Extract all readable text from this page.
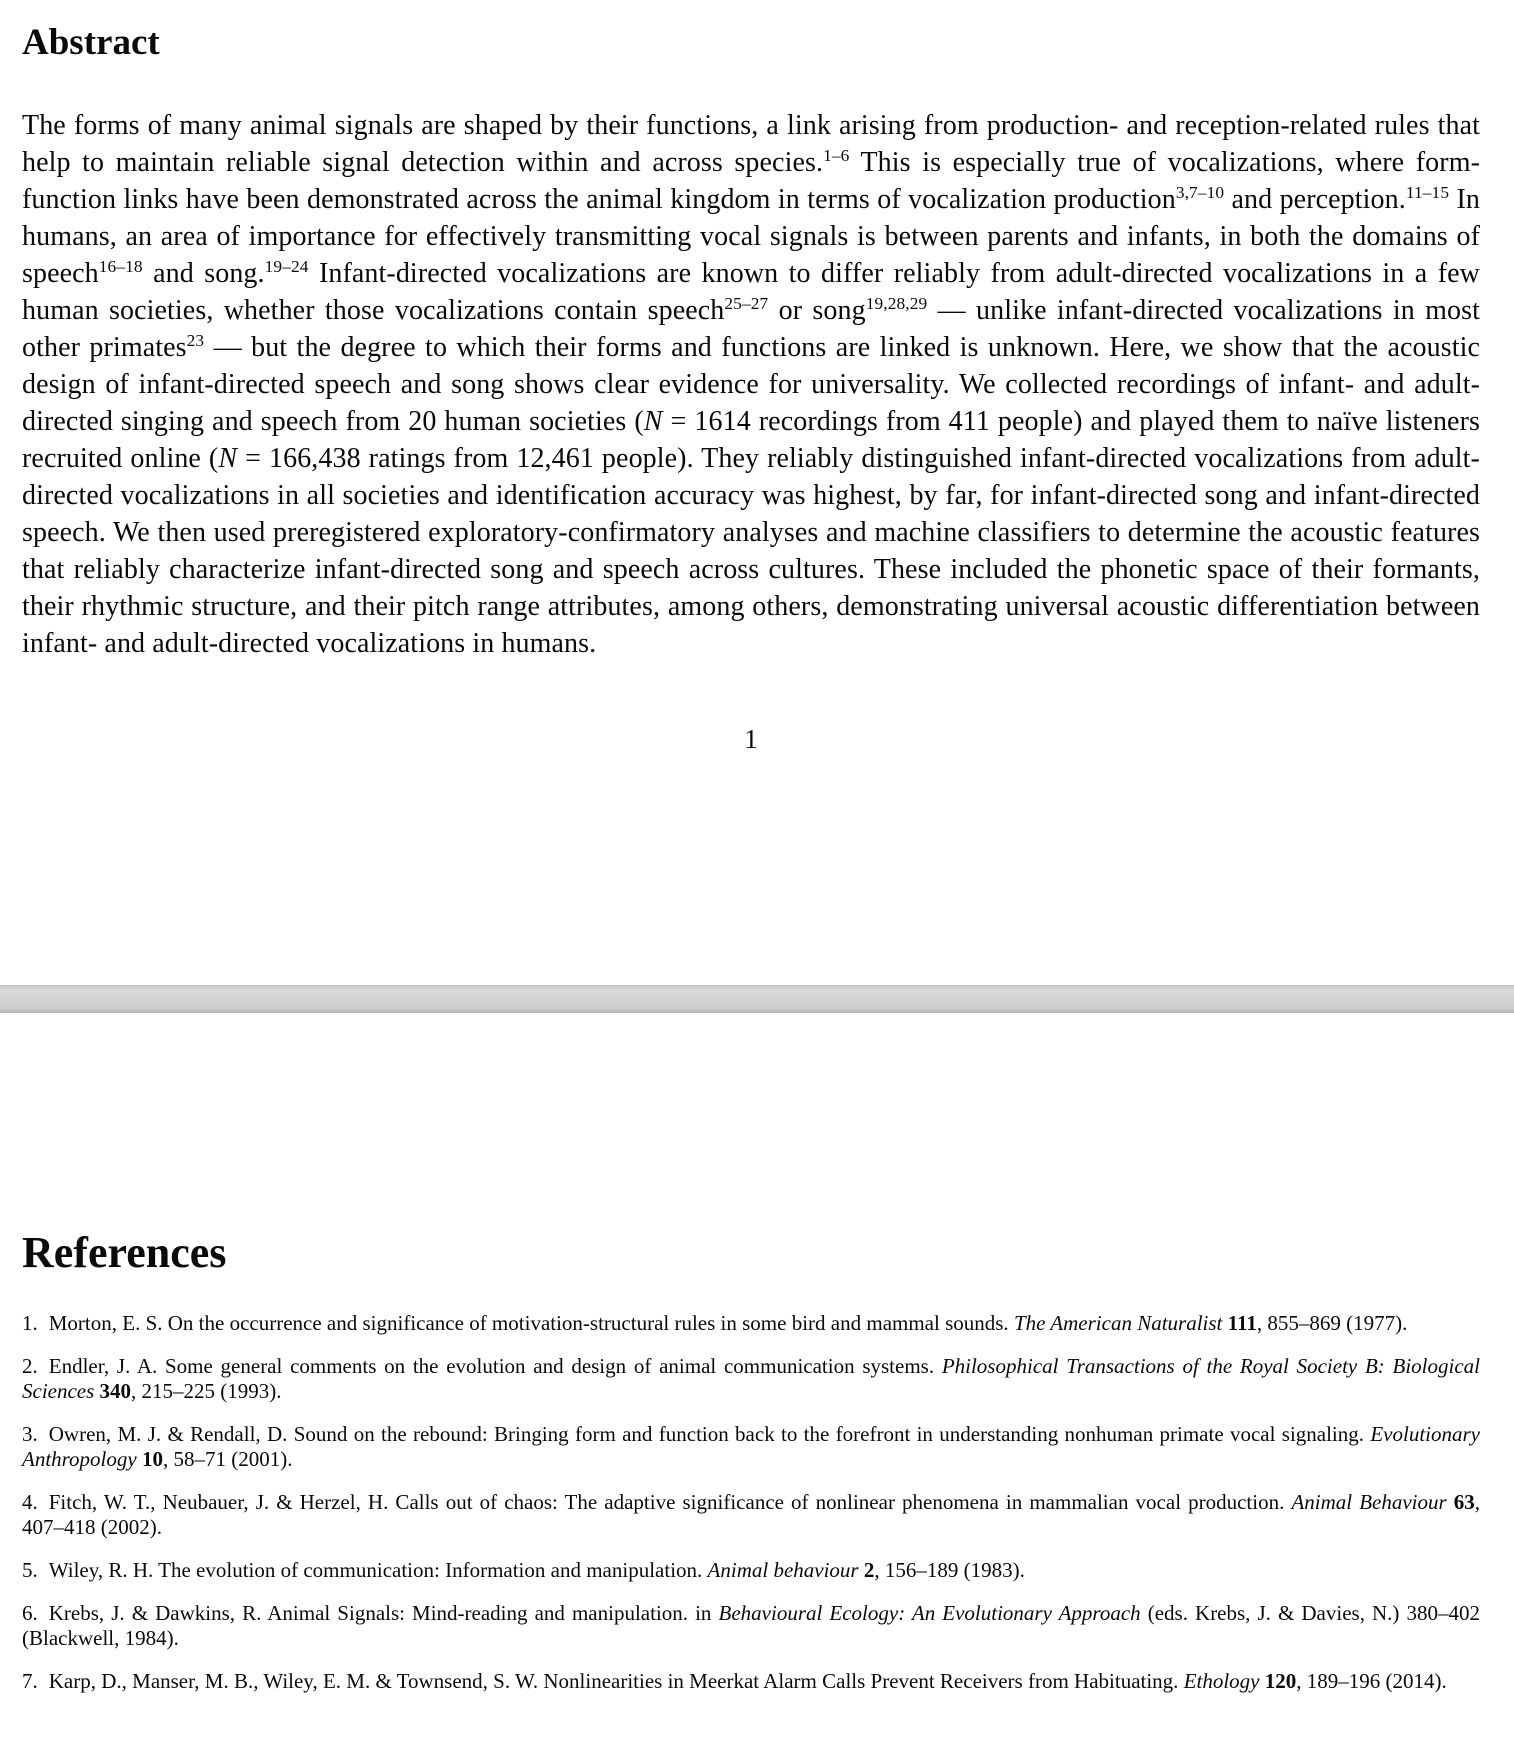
Abstract

The forms of many animal signals are shaped by their functions, a link arising from production- and reception-related rules that help to maintain reliable signal detection within and across species.$^{1-6}$ This is especially true of vocalizations, where form-function links have been demonstrated across the animal kingdom in terms of vocalization production$^{3,7-10}$ and perception.$^{11-15}$ In humans, an area of importance for effectively transmitting vocal signals is between parents and infants, in both the domains of speech$^{16-18}$ and song.$^{19-24}$ Infant-directed vocalizations are known to differ reliably from adult-directed vocalizations in a few human societies, whether those vocalizations contain speech$^{25-27}$ or song$^{19,28,29}$ — unlike infant-directed vocalizations in most other primates$^{23}$ — but the degree to which their forms and functions are linked is unknown. Here, we show that the acoustic design of infant-directed speech and song shows clear evidence for universality. We collected recordings of infant- and adult-directed singing and speech from 20 human societies (N = 1614 recordings from 411 people) and played them to naïve listeners recruited online (N = 166,438 ratings from 12,461 people). They reliably distinguished infant-directed vocalizations from adult-directed vocalizations in all societies and identification accuracy was highest, by far, for infant-directed song and infant-directed speech. We then used preregistered exploratory-confirmatory analyses and machine classifiers to determine the acoustic features that reliably characterize infant-directed song and speech across cultures. These included the phonetic space of their formants, their rhythmic structure, and their pitch range attributes, among others, demonstrating universal acoustic differentiation between infant- and adult-directed vocalizations in humans.

1
References
1. Morton, E. S. On the occurrence and significance of motivation-structural rules in some bird and mammal sounds. The American Naturalist 111, 855–869 (1977).
2. Endler, J. A. Some general comments on the evolution and design of animal communication systems. Philosophical Transactions of the Royal Society B: Biological Sciences 340, 215–225 (1993).
3. Owren, M. J. & Rendall, D. Sound on the rebound: Bringing form and function back to the forefront in understanding nonhuman primate vocal signaling. Evolutionary Anthropology 10, 58–71 (2001).
4. Fitch, W. T., Neubauer, J. & Herzel, H. Calls out of chaos: The adaptive significance of nonlinear phenomena in mammalian vocal production. Animal Behaviour 63, 407–418 (2002).
5. Wiley, R. H. The evolution of communication: Information and manipulation. Animal behaviour 2, 156–189 (1983).
6. Krebs, J. & Dawkins, R. Animal Signals: Mind-reading and manipulation. in Behavioural Ecology: An Evolutionary Approach (eds. Krebs, J. & Davies, N.) 380–402 (Blackwell, 1984).
7. Karp, D., Manser, M. B., Wiley, E. M. & Townsend, S. W. Nonlinearities in Meerkat Alarm Calls Prevent Receivers from Habituating. Ethology 120, 189–196 (2014).
